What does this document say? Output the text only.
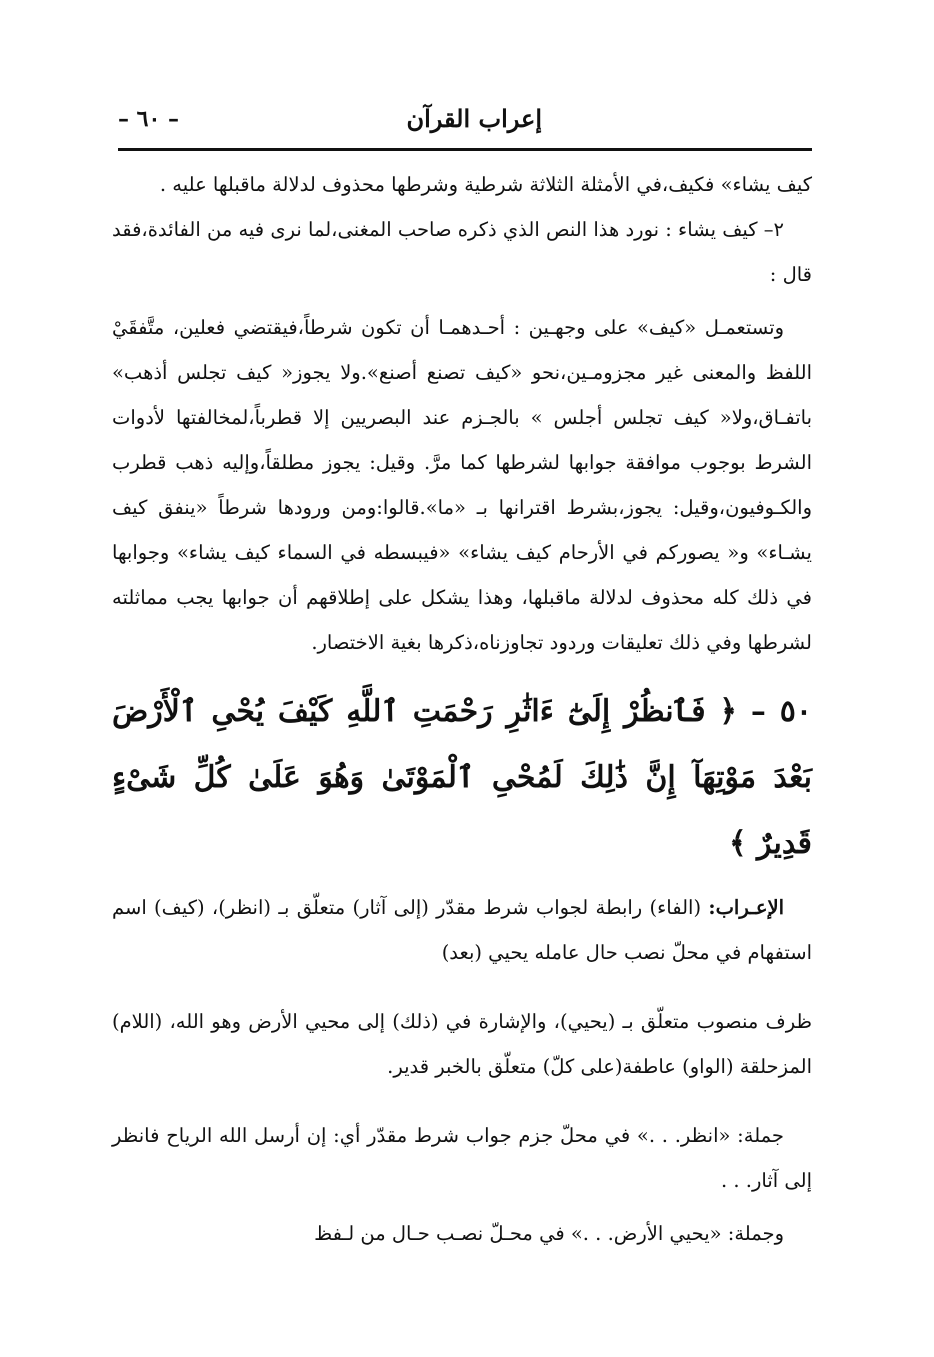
إعراب القرآن
– ٦٠ –

كيف يشاء» فكيف،في الأمثلة الثلاثة شرطية وشرطها محذوف لدلالة ماقبلها عليه .

٢– كيف يشاء : نورد هذا النص الذي ذكره صاحب المغنى،لما نرى فيه من الفائدة،فقد قال :

وتستعمـل «كيف» على وجهـين : أحـدهمـا أن تكون شرطاً،فيقتضي فعلين، متَّفقَيْ اللفظ والمعنى غير مجزومـين،نحو «كيف تصنع أصنع».ولا يجوز« كيف تجلس أذهب» باتفـاق،ولا« كيف تجلس أجلس » بالجـزم عند البصريين إلا قطرباً،لمخالفتها لأدوات الشرط بوجوب موافقة جوابها لشرطها كما مرَّ. وقيل: يجوز مطلقاً،وإليه ذهب قطرب والكـوفيون،وقيل: يجوز،بشرط اقترانها بـ «ما».قالوا:ومن ورودها شرطاً «ينفق كيف يشـاء» و« يصوركم في الأرحام كيف يشاء» «فيبسطه في السماء كيف يشاء» وجوابها في ذلك كله محذوف لدلالة ماقبلها، وهذا يشكل على إطلاقهم أن جوابها يجب مماثلته لشرطها وفي ذلك تعليقات وردود تجاوزناه،ذكرها بغية الاختصار.

٥٠ – ﴿ فَٱنظُرْ إِلَىٰٓ ءَاثَٰرِ رَحْمَتِ ٱللَّهِ كَيْفَ يُحْىِ ٱلْأَرْضَ بَعْدَ مَوْتِهَآ إِنَّ ذَٰلِكَ لَمُحْىِ ٱلْمَوْتَىٰ وَهُوَ عَلَىٰ كُلِّ شَىْءٍ قَدِيرٌ ﴾

الإعـراب: (الفاء) رابطة لجواب شرط مقدّر (إلى آثار) متعلّق بـ (انظر)، (كيف) اسم استفهام في محلّ نصب حال عامله يحيي (بعد)

ظرف منصوب متعلّق بـ (يحيي)، والإشارة في (ذلك) إلى محيي الأرض وهو الله، (اللام) المزحلقة (الواو) عاطفة(على كلّ) متعلّق بالخبر قدير.

جملة: «انظر. . .» في محلّ جزم جواب شرط مقدّر أي: إن أرسل الله الرياح فانظر إلى آثار. . .

وجملة: «يحيي الأرض. . .» في محـلّ نصـب حـال من لـفظ
